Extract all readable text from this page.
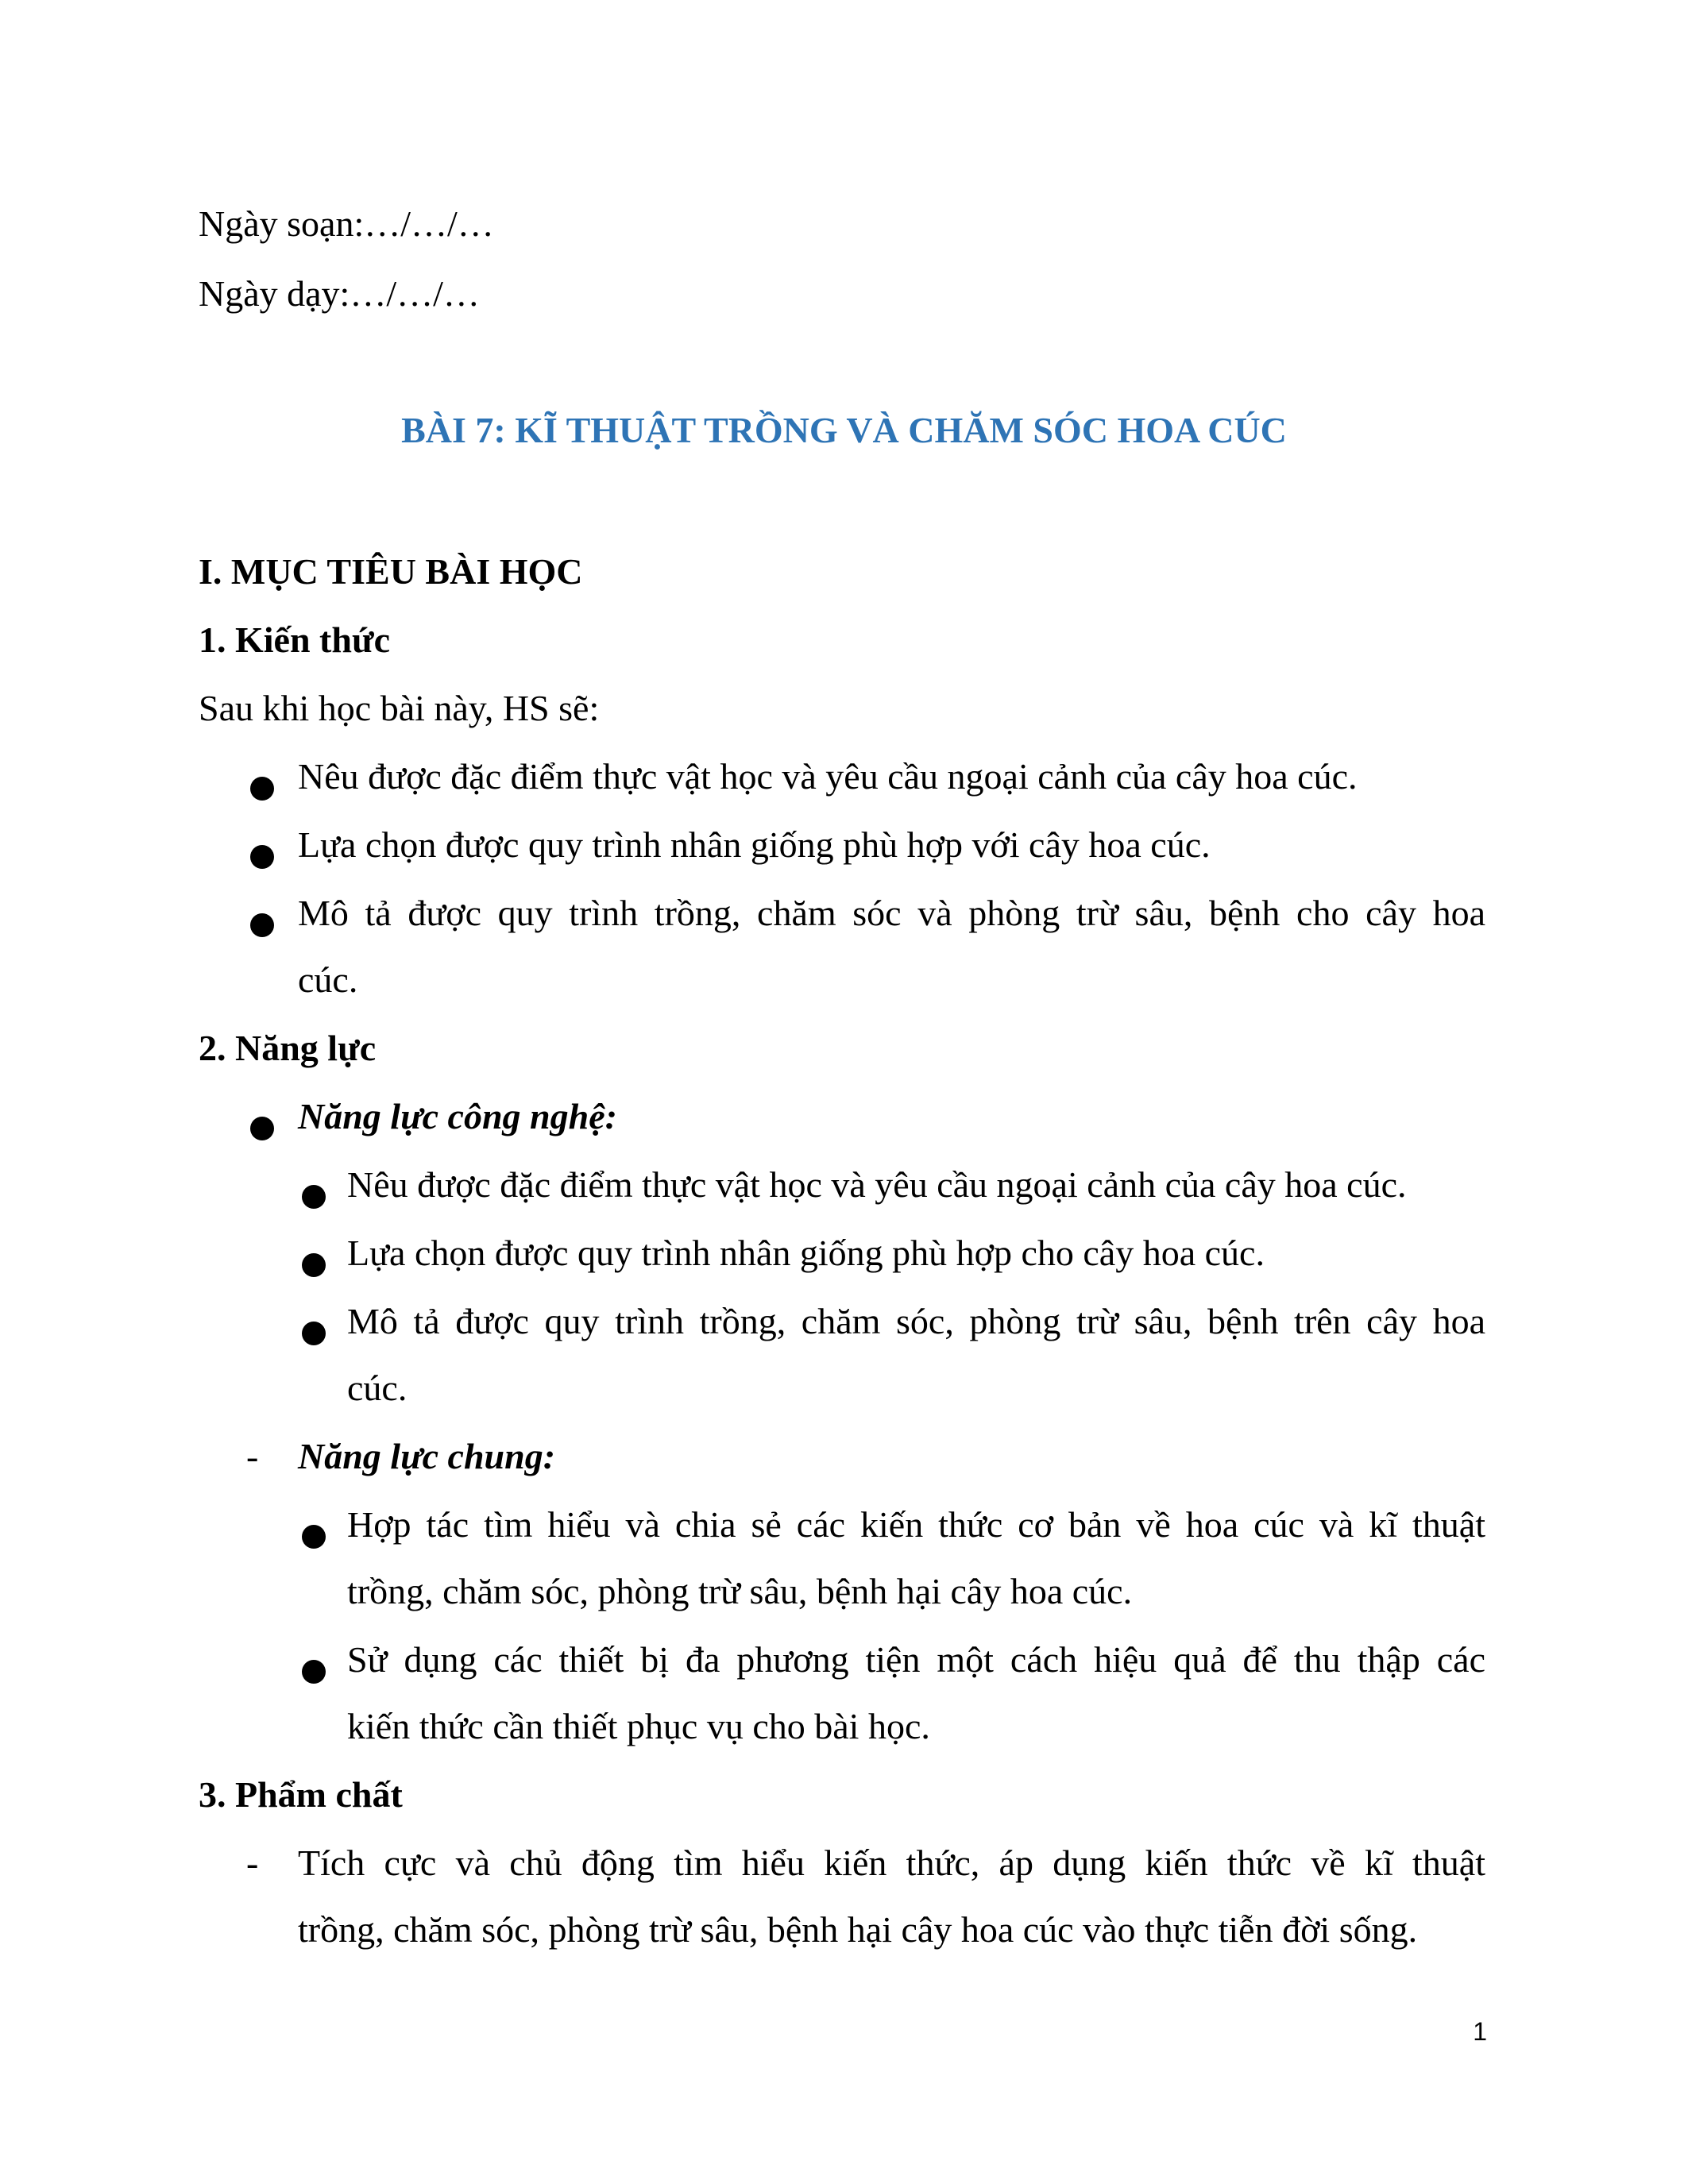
Ngày soạn:…/…/…
Ngày dạy:…/…/…
BÀI 7: KĨ THUẬT TRỒNG VÀ CHĂM SÓC HOA CÚC
I. MỤC TIÊU BÀI HỌC
1. Kiến thức
Sau khi học bài này, HS sẽ:
Nêu được đặc điểm thực vật học và yêu cầu ngoại cảnh của cây hoa cúc.
Lựa chọn được quy trình nhân giống phù hợp với cây hoa cúc.
Mô tả được quy trình trồng, chăm sóc và phòng trừ sâu, bệnh cho cây hoa
cúc.
2. Năng lực
Năng lực công nghệ:
Nêu được đặc điểm thực vật học và yêu cầu ngoại cảnh của cây hoa cúc.
Lựa chọn được quy trình nhân giống phù hợp cho cây hoa cúc.
Mô tả được quy trình trồng, chăm sóc, phòng trừ sâu, bệnh trên cây hoa
cúc.
- Năng lực chung:
Hợp tác tìm hiểu và chia sẻ các kiến thức cơ bản về hoa cúc và kĩ thuật
trồng, chăm sóc, phòng trừ sâu, bệnh hại cây hoa cúc.
Sử dụng các thiết bị đa phương tiện một cách hiệu quả để thu thập các
kiến thức cần thiết phục vụ cho bài học.
3. Phẩm chất
- Tích cực và chủ động tìm hiểu kiến thức, áp dụng kiến thức về kĩ thuật
trồng, chăm sóc, phòng trừ sâu, bệnh hại cây hoa cúc vào thực tiễn đời sống.
1
